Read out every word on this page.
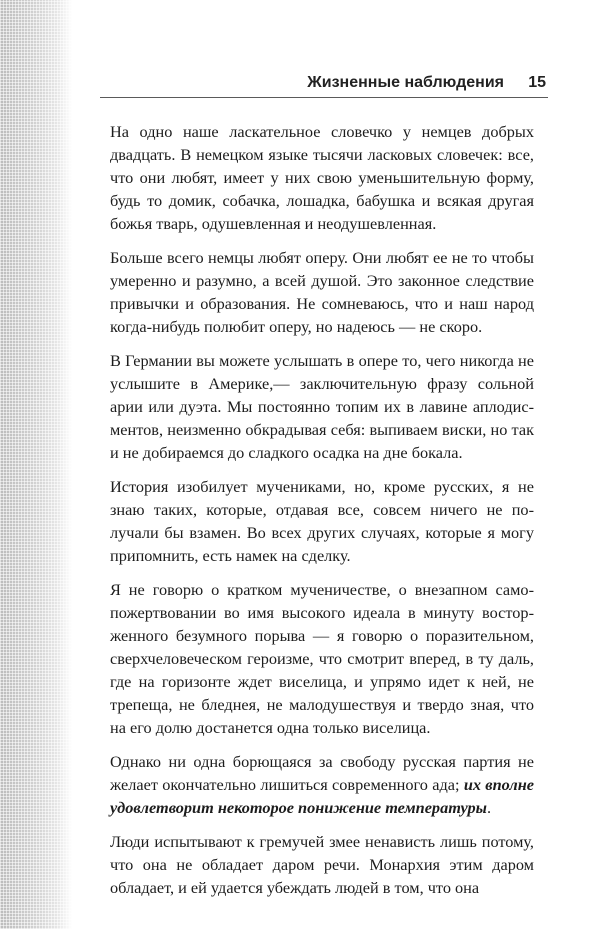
Жизненные наблюдения 15

На одно наше ласкательное словечко у немцев добрых двадцать. В немецком языке тысячи ласковых словечек: все, что они любят, имеет у них свою уменьшительную форму, будь то домик, собачка, лошадка, бабушка и всякая другая божья тварь, одушевленная и неодушевленная.

Больше всего немцы любят оперу. Они любят ее не то чтобы умеренно и разумно, а всей душой. Это законное следствие привычки и образования. Не сомневаюсь, что и наш народ когда-нибудь полюбит оперу, но надеюсь — не скоро.

В Германии вы можете услышать в опере то, чего никогда не услышите в Америке,— заключительную фразу сольной арии или дуэта. Мы постоянно топим их в лавине аплодисментов, неизменно обкрадывая себя: выпиваем виски, но так и не добираемся до сладкого осадка на дне бокала.

История изобилует мучениками, но, кроме русских, я не знаю таких, которые, отдавая все, совсем ничего не получали бы взамен. Во всех других случаях, которые я могу припомнить, есть намек на сделку.

Я не говорю о кратком мученичестве, о внезапном самопожертвовании во имя высокого идеала в минуту восторженного безумного порыва — я говорю о поразительном, сверхчеловеческом героизме, что смотрит вперед, в ту даль, где на горизонте ждет виселица, и упрямо идет к ней, не трепеща, не бледнея, не малодушествуя и твердо зная, что на его долю достанется одна только виселица.

Однако ни одна борющаяся за свободу русская партия не желает окончательно лишиться современного ада; их вполне удовлетворит некоторое понижение температуры.

Люди испытывают к гремучей змее ненависть лишь потому, что она не обладает даром речи. Монархия этим даром обладает, и ей удается убеждать людей в том, что она
